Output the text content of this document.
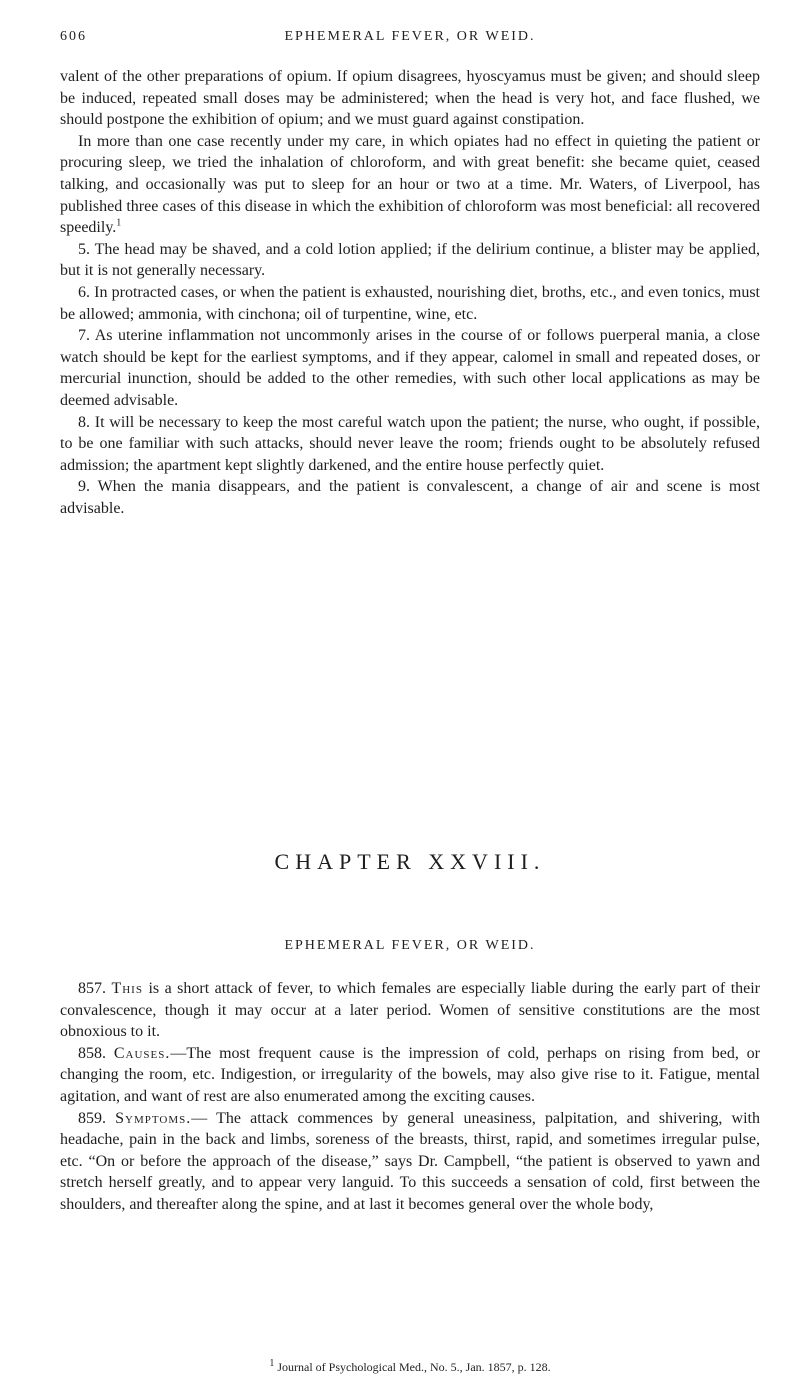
606	EPHEMERAL FEVER, OR WEID.

valent of the other preparations of opium. If opium disagrees, hyoscyamus must be given; and should sleep be induced, repeated small doses may be administered; when the head is very hot, and face flushed, we should postpone the exhibition of opium; and we must guard against constipation.

In more than one case recently under my care, in which opiates had no effect in quieting the patient or procuring sleep, we tried the inhalation of chloroform, and with great benefit: she became quiet, ceased talking, and occasionally was put to sleep for an hour or two at a time. Mr. Waters, of Liverpool, has published three cases of this disease in which the exhibition of chloroform was most beneficial: all recovered speedily.$^1$

5. The head may be shaved, and a cold lotion applied; if the delirium continue, a blister may be applied, but it is not generally necessary.

6. In protracted cases, or when the patient is exhausted, nourishing diet, broths, etc., and even tonics, must be allowed; ammonia, with cinchona; oil of turpentine, wine, etc.

7. As uterine inflammation not uncommonly arises in the course of or follows puerperal mania, a close watch should be kept for the earliest symptoms, and if they appear, calomel in small and repeated doses, or mercurial inunction, should be added to the other remedies, with such other local applications as may be deemed advisable.

8. It will be necessary to keep the most careful watch upon the patient; the nurse, who ought, if possible, to be one familiar with such attacks, should never leave the room; friends ought to be absolutely refused admission; the apartment kept slightly darkened, and the entire house perfectly quiet.

9. When the mania disappears, and the patient is convalescent, a change of air and scene is most advisable.

CHAPTER XXVIII.
EPHEMERAL FEVER, OR WEID.

857. This is a short attack of fever, to which females are especially liable during the early part of their convalescence, though it may occur at a later period. Women of sensitive constitutions are the most obnoxious to it.

858. Causes.—The most frequent cause is the impression of cold, perhaps on rising from bed, or changing the room, etc. Indigestion, or irregularity of the bowels, may also give rise to it. Fatigue, mental agitation, and want of rest are also enumerated among the exciting causes.

859. Symptoms.— The attack commences by general uneasiness, palpitation, and shivering, with headache, pain in the back and limbs, soreness of the breasts, thirst, rapid, and sometimes irregular pulse, etc. “On or before the approach of the disease,” says Dr. Campbell, “the patient is observed to yawn and stretch herself greatly, and to appear very languid. To this succeeds a sensation of cold, first between the shoulders, and thereafter along the spine, and at last it becomes general over the whole body,

$^1$ Journal of Psychological Med., No. 5., Jan. 1857, p. 128.
